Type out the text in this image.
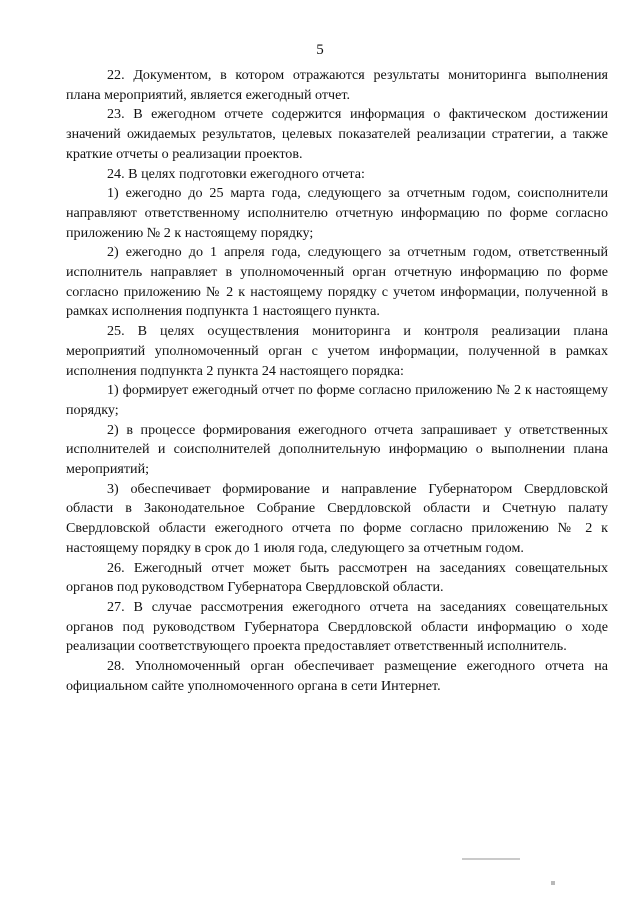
5

22. Документом, в котором отражаются результаты мониторинга выполнения плана мероприятий, является ежегодный отчет.

23. В ежегодном отчете содержится информация о фактическом достижении значений ожидаемых результатов, целевых показателей реализации стратегии, а также краткие отчеты о реализации проектов.

24. В целях подготовки ежегодного отчета:

1) ежегодно до 25 марта года, следующего за отчетным годом, соисполнители направляют ответственному исполнителю отчетную информацию по форме согласно приложению № 2 к настоящему порядку;

2) ежегодно до 1 апреля года, следующего за отчетным годом, ответственный исполнитель направляет в уполномоченный орган отчетную информацию по форме согласно приложению № 2 к настоящему порядку с учетом информации, полученной в рамках исполнения подпункта 1 настоящего пункта.

25. В целях осуществления мониторинга и контроля реализации плана мероприятий уполномоченный орган с учетом информации, полученной в рамках исполнения подпункта 2 пункта 24 настоящего порядка:

1) формирует ежегодный отчет по форме согласно приложению № 2 к настоящему порядку;

2) в процессе формирования ежегодного отчета запрашивает у ответственных исполнителей и соисполнителей дополнительную информацию о выполнении плана мероприятий;

3) обеспечивает формирование и направление Губернатором Свердловской области в Законодательное Собрание Свердловской области и Счетную палату Свердловской области ежегодного отчета по форме согласно приложению № 2 к настоящему порядку в срок до 1 июля года, следующего за отчетным годом.

26. Ежегодный отчет может быть рассмотрен на заседаниях совещательных органов под руководством Губернатора Свердловской области.

27. В случае рассмотрения ежегодного отчета на заседаниях совещательных органов под руководством Губернатора Свердловской области информацию о ходе реализации соответствующего проекта предоставляет ответственный исполнитель.

28. Уполномоченный орган обеспечивает размещение ежегодного отчета на официальном сайте уполномоченного органа в сети Интернет.
